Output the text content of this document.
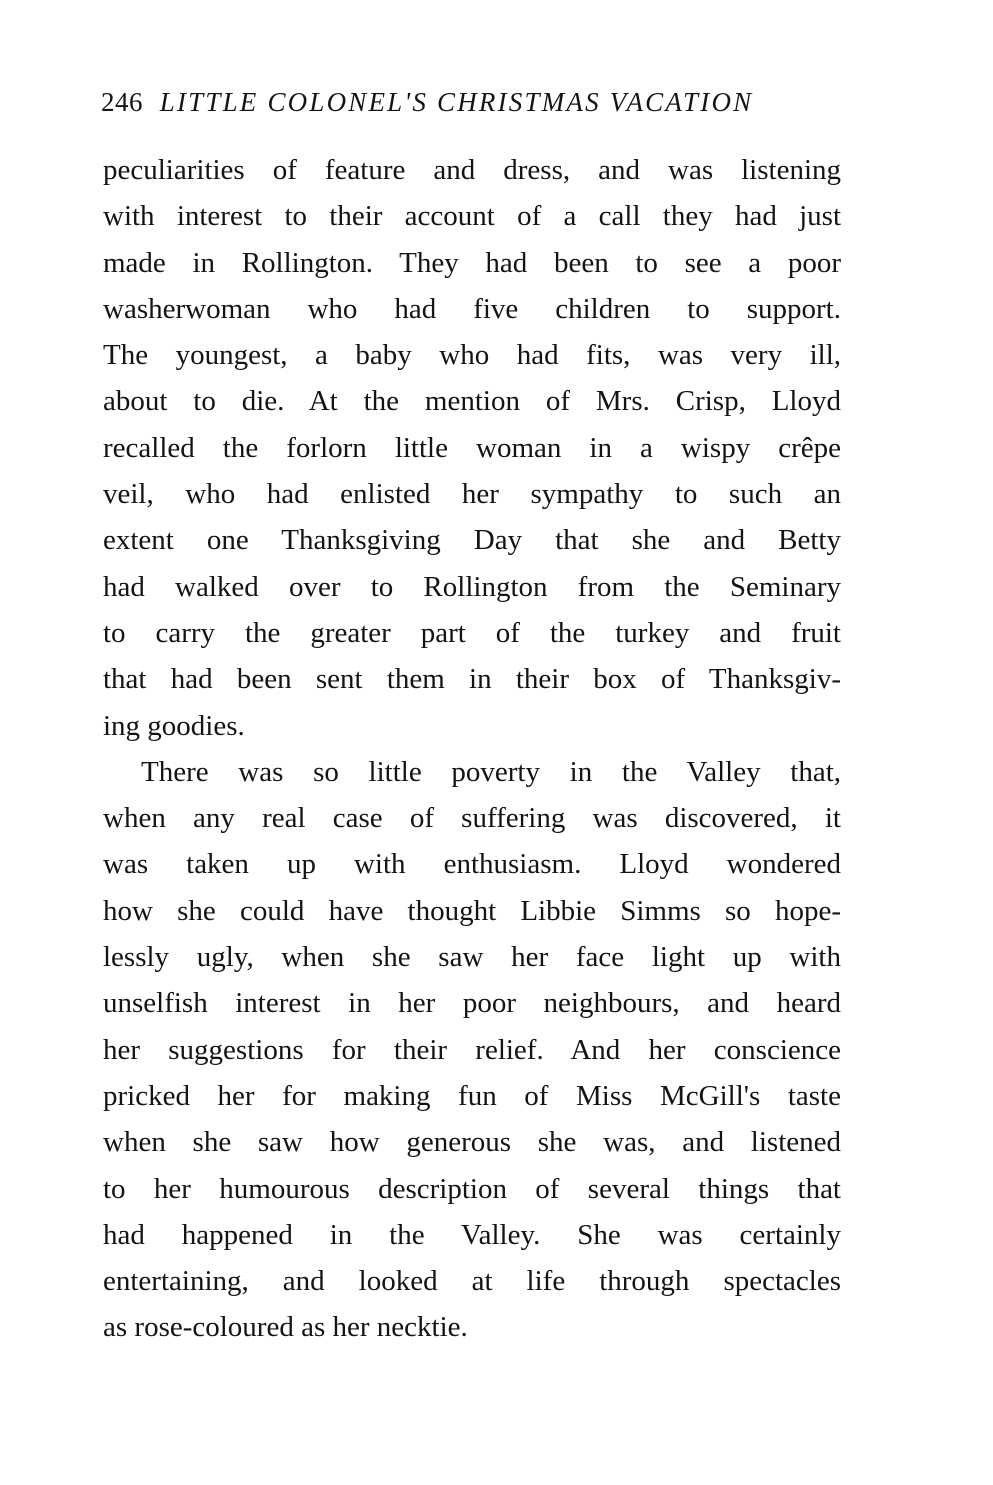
246 LITTLE COLONEL'S CHRISTMAS VACATION
peculiarities of feature and dress, and was listening
with interest to their account of a call they had just
made in Rollington. They had been to see a poor
washerwoman who had five children to support.
The youngest, a baby who had fits, was very ill,
about to die. At the mention of Mrs. Crisp, Lloyd
recalled the forlorn little woman in a wispy crêpe
veil, who had enlisted her sympathy to such an
extent one Thanksgiving Day that she and Betty
had walked over to Rollington from the Seminary
to carry the greater part of the turkey and fruit
that had been sent them in their box of Thanksgiv-
ing goodies.
There was so little poverty in the Valley that,
when any real case of suffering was discovered, it
was taken up with enthusiasm. Lloyd wondered
how she could have thought Libbie Simms so hope-
lessly ugly, when she saw her face light up with
unselfish interest in her poor neighbours, and heard
her suggestions for their relief. And her conscience
pricked her for making fun of Miss McGill's taste
when she saw how generous she was, and listened
to her humourous description of several things that
had happened in the Valley. She was certainly
entertaining, and looked at life through spectacles
as rose-coloured as her necktie.
